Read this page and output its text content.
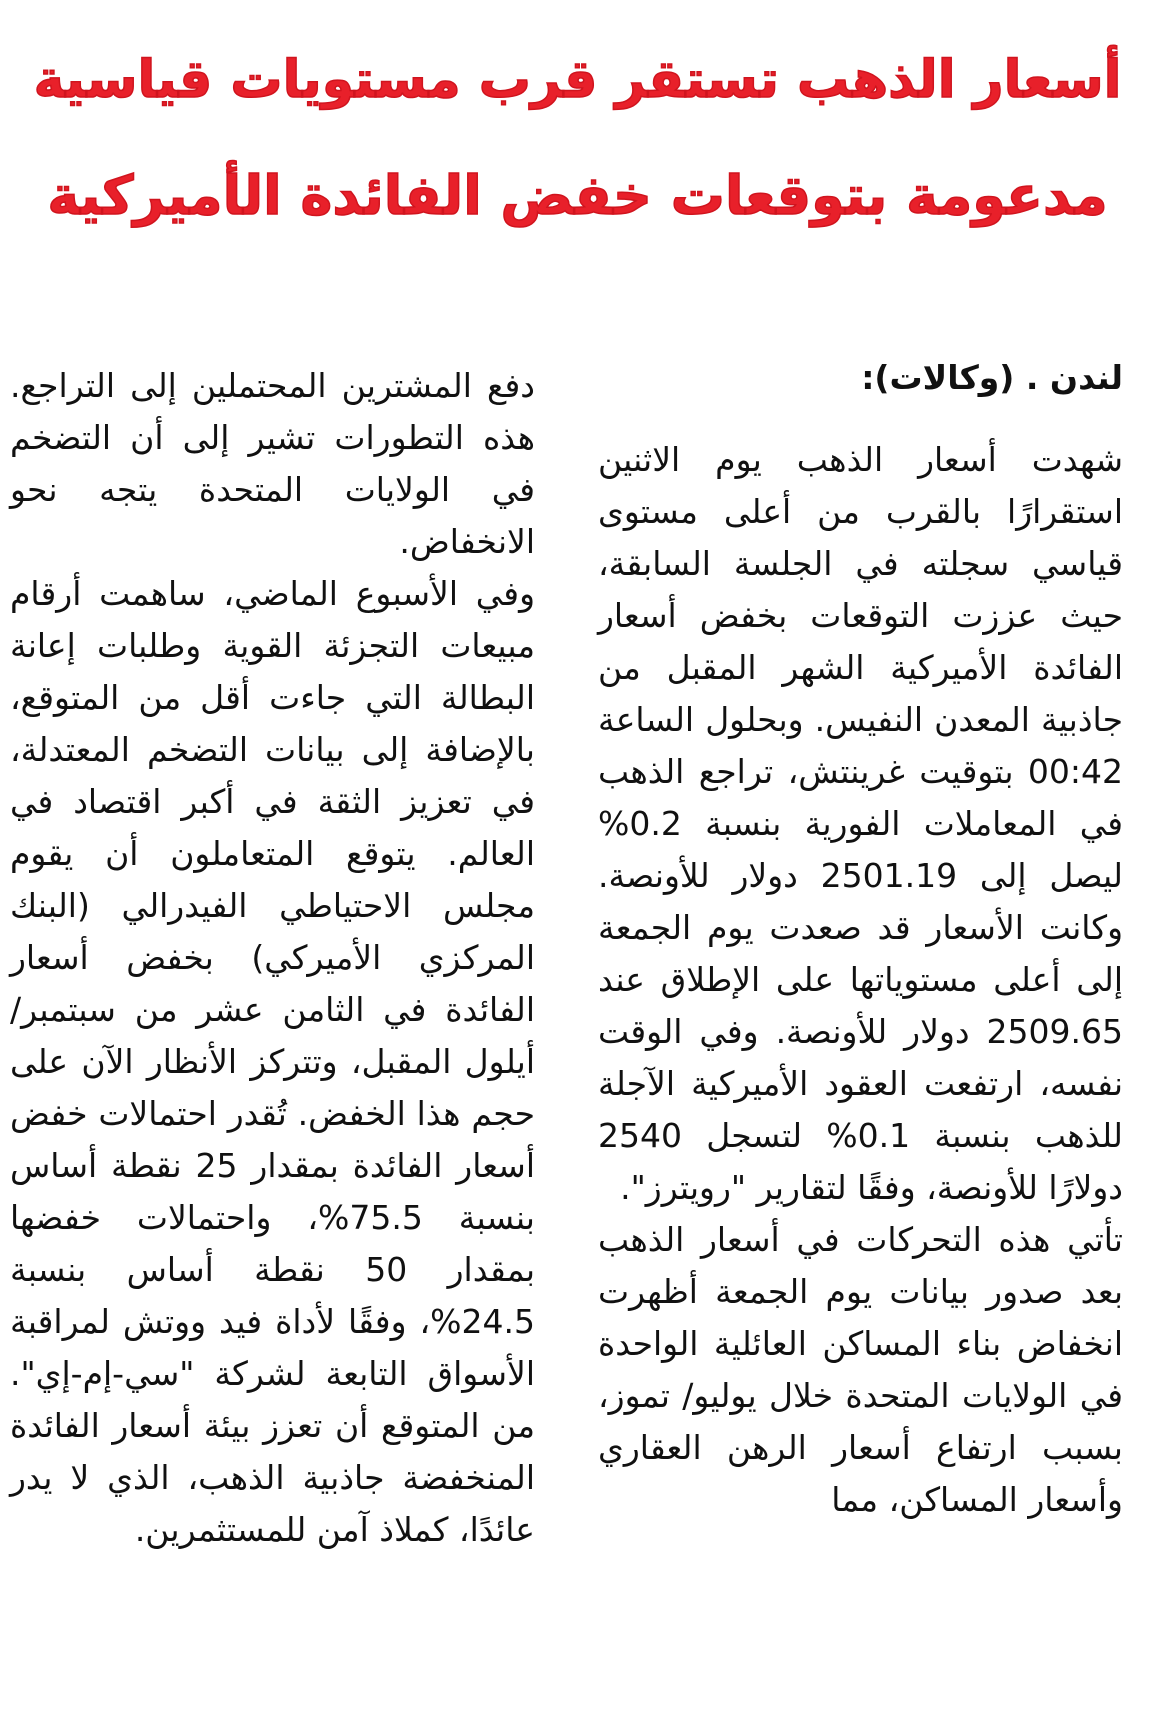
أسعار الذهب تستقر قرب مستويات قياسية
مدعومة بتوقعات خفض الفائدة الأميركية

لندن . (وكالات):

شهدت أسعار الذهب يوم الاثنين استقرارًا بالقرب من أعلى مستوى قياسي سجلته في الجلسة السابقة، حيث عززت التوقعات بخفض أسعار الفائدة الأميركية الشهر المقبل من جاذبية المعدن النفيس. وبحلول الساعة 00:42 بتوقيت غرينتش، تراجع الذهب في المعاملات الفورية بنسبة 0.2% ليصل إلى 2501.19 دولار للأونصة. وكانت الأسعار قد صعدت يوم الجمعة إلى أعلى مستوياتها على الإطلاق عند 2509.65 دولار للأونصة. وفي الوقت نفسه، ارتفعت العقود الأميركية الآجلة للذهب بنسبة 0.1% لتسجل 2540 دولارًا للأونصة، وفقًا لتقارير "رويترز".

تأتي هذه التحركات في أسعار الذهب بعد صدور بيانات يوم الجمعة أظهرت انخفاض بناء المساكن العائلية الواحدة في الولايات المتحدة خلال يوليو/ تموز، بسبب ارتفاع أسعار الرهن العقاري وأسعار المساكن، مما

دفع المشترين المحتملين إلى التراجع. هذه التطورات تشير إلى أن التضخم في الولايات المتحدة يتجه نحو الانخفاض.

وفي الأسبوع الماضي، ساهمت أرقام مبيعات التجزئة القوية وطلبات إعانة البطالة التي جاءت أقل من المتوقع، بالإضافة إلى بيانات التضخم المعتدلة، في تعزيز الثقة في أكبر اقتصاد في العالم. يتوقع المتعاملون أن يقوم مجلس الاحتياطي الفيدرالي (البنك المركزي الأميركي) بخفض أسعار الفائدة في الثامن عشر من سبتمبر/أيلول المقبل، وتتركز الأنظار الآن على حجم هذا الخفض. تُقدر احتمالات خفض أسعار الفائدة بمقدار 25 نقطة أساس بنسبة 75.5%، واحتمالات خفضها بمقدار 50 نقطة أساس بنسبة 24.5%، وفقًا لأداة فيد ووتش لمراقبة الأسواق التابعة لشركة "سي-إم-إي". من المتوقع أن تعزز بيئة أسعار الفائدة المنخفضة جاذبية الذهب، الذي لا يدر عائدًا، كملاذ آمن للمستثمرين.
